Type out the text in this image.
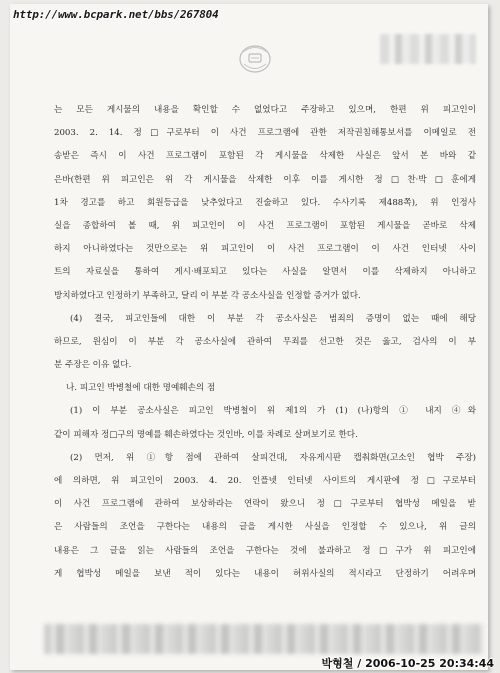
http://www.bcpark.net/bbs/267804
는 모든 게시물의 내용을 확인할 수 없었다고 주장하고 있으며, 한편 위 피고인이
2003. 2. 14. 정□구로부터 이 사건 프로그램에 관한 저작권침해통보서를 이메일로 전
송받은 즉시 이 사건 프로그램이 포함된 각 게시물을 삭제한 사실은 앞서 본 바와 같
은바(한편 위 피고인은 위 각 게시물을 삭제한 이후 이를 게시한 정□찬·박□훈에게
1차 경고를 하고 회원등급을 낮추었다고 진술하고 있다. 수사기록 제488쪽), 위 인정사
실을 종합하여 볼 때, 위 피고인이 이 사건 프로그램이 포함된 게시물을 곧바로 삭제
하지 아니하였다는 것만으로는 위 피고인이 이 사건 프로그램이 이 사건 인터넷 사이
트의 자료실을 통하여 게시·배포되고 있다는 사실을 알면서 이를 삭제하지 아니하고
방치하였다고 인정하기 부족하고, 달리 이 부분 각 공소사실을 인정할 증거가 없다.
(4) 결국, 피고인들에 대한 이 부분 각 공소사실은 범죄의 증명이 없는 때에 해당
하므로, 원심이 이 부분 각 공소사실에 관하여 무죄를 선고한 것은 옳고, 검사의 이 부
분 주장은 이유 없다.
나. 피고인 박병철에 대한 명예훼손의 점
(1) 이 부분 공소사실은 피고인 박병철이 위 제1의 가 (1) (나)항의 ① 내지 ④와
같이 피해자 정□구의 명예를 훼손하였다는 것인바, 이를 차례로 살펴보기로 한다.
(2) 먼저, 위 ①항 점에 관하여 살피건대, 자유게시판 캡춰화면(고소인 협박 주장)
에 의하면, 위 피고인이 2003. 4. 20. 인플넷 인터넷 사이트의 게시판에 정□구로부터
이 사건 프로그램에 관하여 보상하라는 연락이 왔으니 정□구로부터 협박성 메일을 받
은 사람들의 조언을 구한다는 내용의 글을 게시한 사실을 인정할 수 있으나, 위 글의
내용은 그 글을 읽는 사람들의 조언을 구한다는 것에 불과하고 정□구가 위 피고인에
게 협박성 메일을 보낸 적이 있다는 내용이 허위사실의 적시라고 단정하기 어려우며
박형철 / 2006-10-25 20:34:44
